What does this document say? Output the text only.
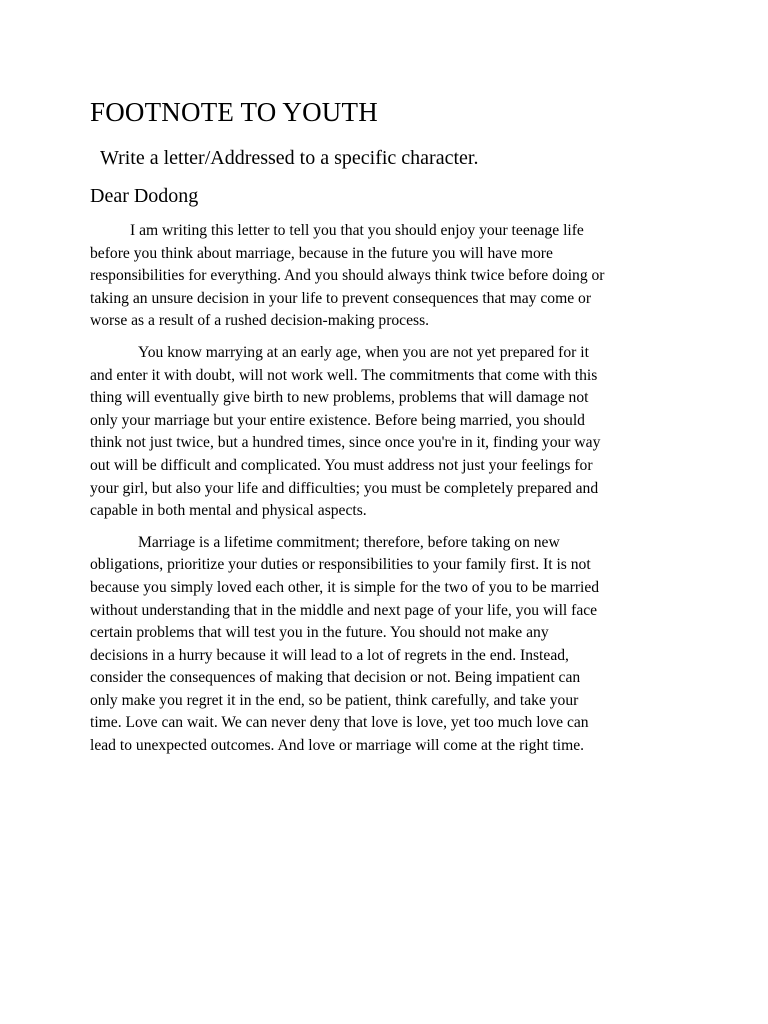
FOOTNOTE TO YOUTH

Write a letter/Addressed to a specific character.

Dear Dodong

I am writing this letter to tell you that you should enjoy your teenage life
before you think about marriage, because in the future you will have more
responsibilities for everything. And you should always think twice before doing or
taking an unsure decision in your life to prevent consequences that may come or
worse as a result of a rushed decision-making process.

You know marrying at an early age, when you are not yet prepared for it
and enter it with doubt, will not work well. The commitments that come with this
thing will eventually give birth to new problems, problems that will damage not
only your marriage but your entire existence. Before being married, you should
think not just twice, but a hundred times, since once you're in it, finding your way
out will be difficult and complicated. You must address not just your feelings for
your girl, but also your life and difficulties; you must be completely prepared and
capable in both mental and physical aspects.

Marriage is a lifetime commitment; therefore, before taking on new
obligations, prioritize your duties or responsibilities to your family first. It is not
because you simply loved each other, it is simple for the two of you to be married
without understanding that in the middle and next page of your life, you will face
certain problems that will test you in the future. You should not make any
decisions in a hurry because it will lead to a lot of regrets in the end. Instead,
consider the consequences of making that decision or not. Being impatient can
only make you regret it in the end, so be patient, think carefully, and take your
time. Love can wait. We can never deny that love is love, yet too much love can
lead to unexpected outcomes. And love or marriage will come at the right time.
